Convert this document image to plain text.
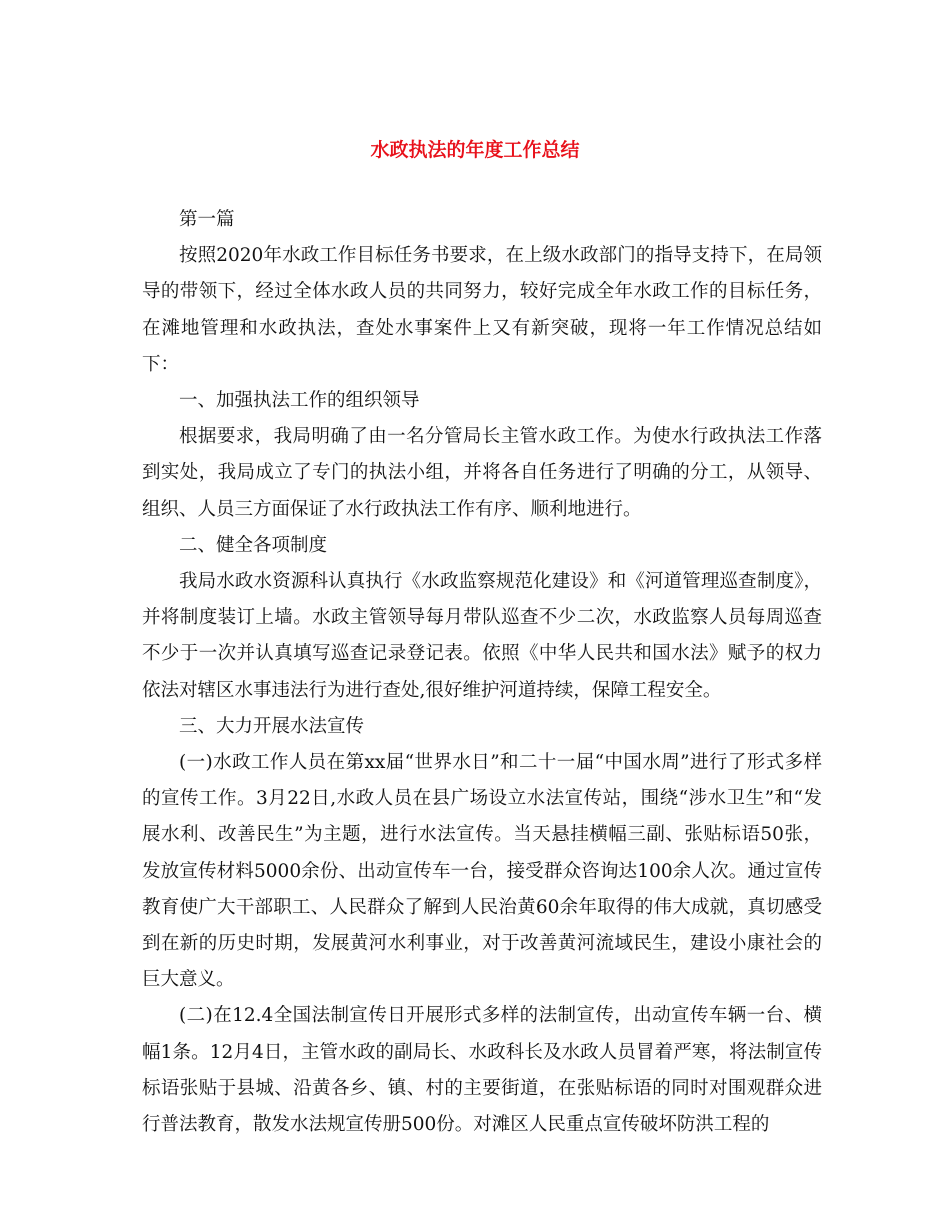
水政执法的年度工作总结

第一篇

按照2020年水政工作目标任务书要求，在上级水政部门的指导支持下，在局领导的带领下，经过全体水政人员的共同努力，较好完成全年水政工作的目标任务，在滩地管理和水政执法，查处水事案件上又有新突破，现将一年工作情况总结如下：

一、加强执法工作的组织领导

根据要求，我局明确了由一名分管局长主管水政工作。为使水行政执法工作落到实处，我局成立了专门的执法小组，并将各自任务进行了明确的分工，从领导、组织、人员三方面保证了水行政执法工作有序、顺利地进行。

二、健全各项制度

我局水政水资源科认真执行《水政监察规范化建设》和《河道管理巡查制度》，并将制度装订上墙。水政主管领导每月带队巡查不少二次，水政监察人员每周巡查不少于一次并认真填写巡查记录登记表。依照《中华人民共和国水法》赋予的权力依法对辖区水事违法行为进行查处,很好维护河道持续，保障工程安全。

三、大力开展水法宣传

(一)水政工作人员在第xx届“世界水日”和二十一届“中国水周”进行了形式多样的宣传工作。3月22日,水政人员在县广场设立水法宣传站，围绕“涉水卫生”和“发展水利、改善民生”为主题，进行水法宣传。当天悬挂横幅三副、张贴标语50张，发放宣传材料5000余份、出动宣传车一台，接受群众咨询达100余人次。通过宣传教育使广大干部职工、人民群众了解到人民治黄60余年取得的伟大成就，真切感受到在新的历史时期，发展黄河水利事业，对于改善黄河流域民生，建设小康社会的巨大意义。

(二)在12.4全国法制宣传日开展形式多样的法制宣传，出动宣传车辆一台、横幅1条。12月4日，主管水政的副局长、水政科长及水政人员冒着严寒，将法制宣传标语张贴于县城、沿黄各乡、镇、村的主要街道，在张贴标语的同时对围观群众进行普法教育，散发水法规宣传册500份。对滩区人民重点宣传破坏防洪工程的
